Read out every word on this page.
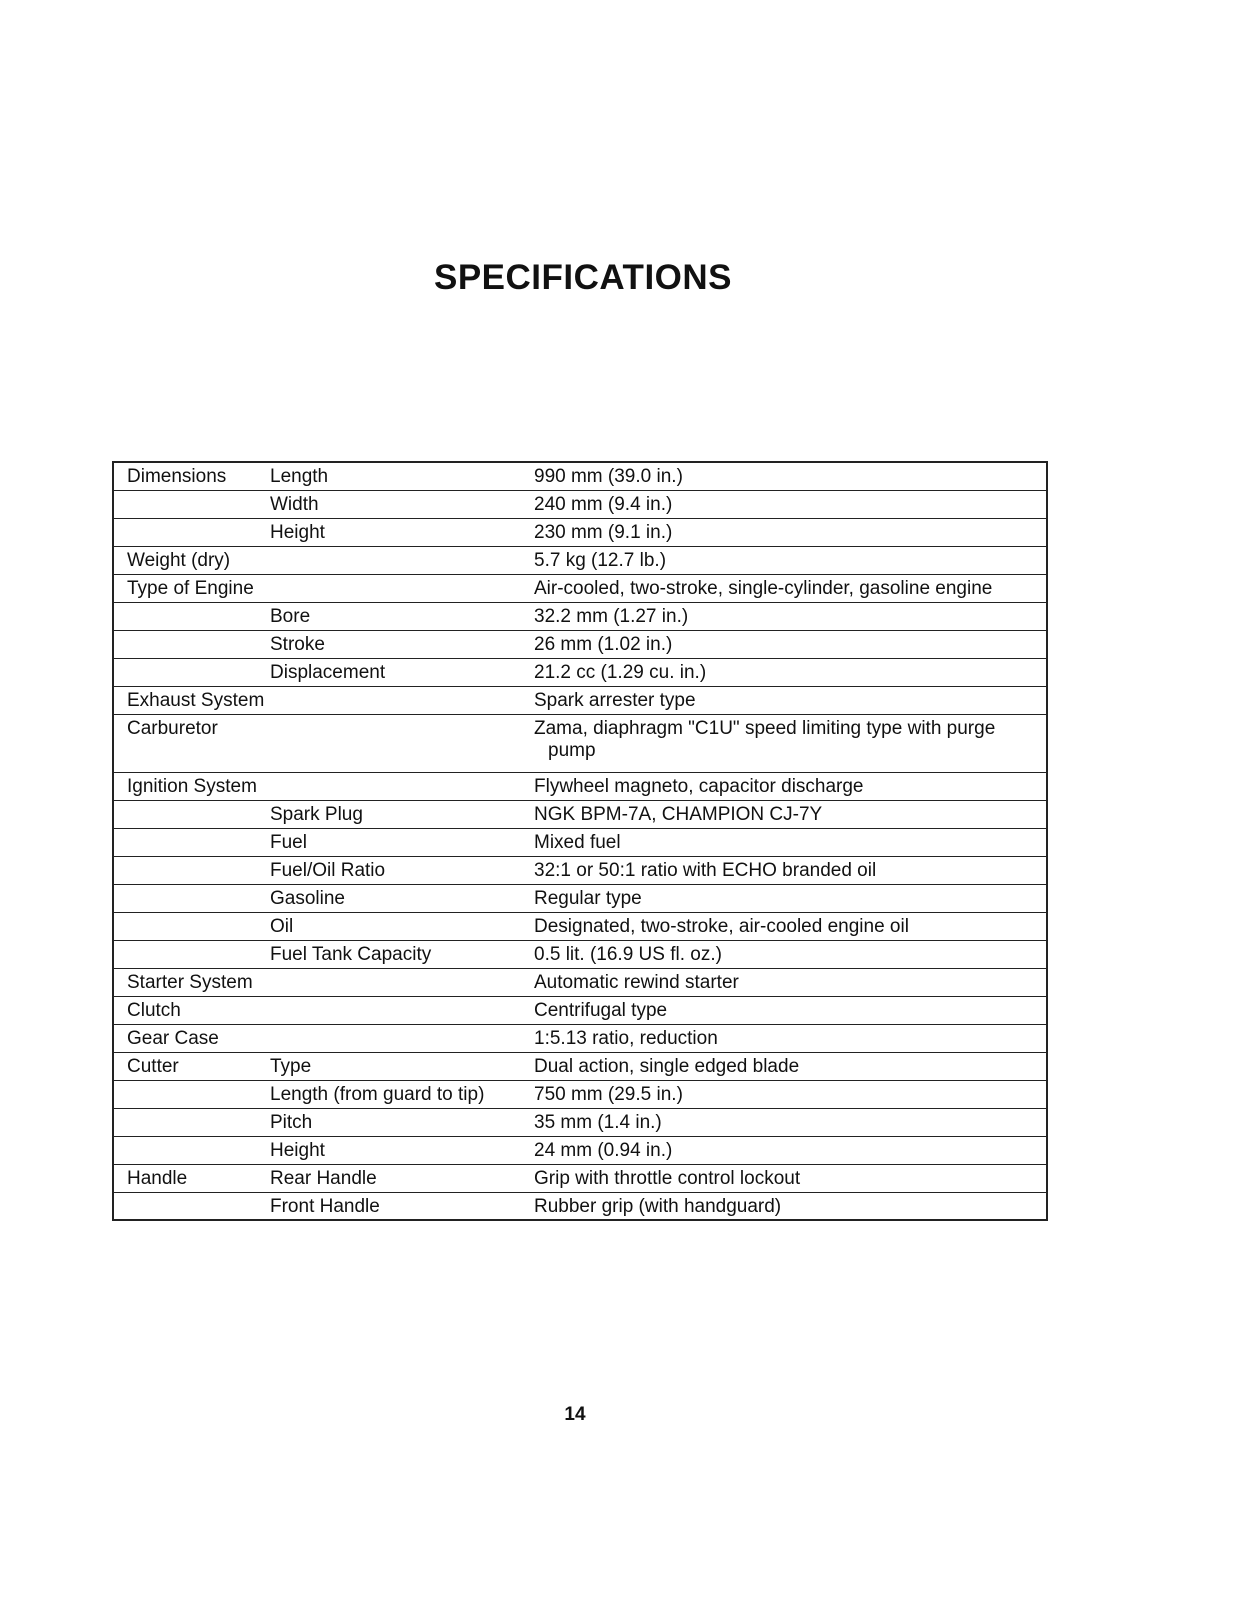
SPECIFICATIONS
Dimensions	Length	990 mm (39.0 in.)
	Width	240 mm (9.4 in.)
	Height	230 mm (9.1 in.)
Weight (dry)		5.7 kg (12.7 lb.)
Type of Engine		Air-cooled, two-stroke, single-cylinder, gasoline engine
	Bore	32.2 mm (1.27 in.)
	Stroke	26 mm (1.02 in.)
	Displacement	21.2 cc (1.29 cu. in.)
Exhaust System		Spark arrester type
Carburetor		Zama, diaphragm "C1U" speed limiting type with purge
pump

Ignition System		Flywheel magneto, capacitor discharge
	Spark Plug	NGK BPM-7A, CHAMPION CJ-7Y
	Fuel	Mixed fuel
	Fuel/Oil Ratio	32:1 or 50:1 ratio with ECHO branded oil
	Gasoline	Regular type
	Oil	Designated, two-stroke, air-cooled engine oil
	Fuel Tank Capacity	0.5 lit. (16.9 US fl. oz.)
Starter System		Automatic rewind starter
Clutch		Centrifugal type
Gear Case		1:5.13 ratio, reduction
Cutter	Type	Dual action, single edged blade
	Length (from guard to tip)	750 mm (29.5 in.)
	Pitch	35 mm (1.4 in.)
	Height	24 mm (0.94 in.)
Handle	Rear Handle	Grip with throttle control lockout
	Front Handle	Rubber grip (with handguard)
14
